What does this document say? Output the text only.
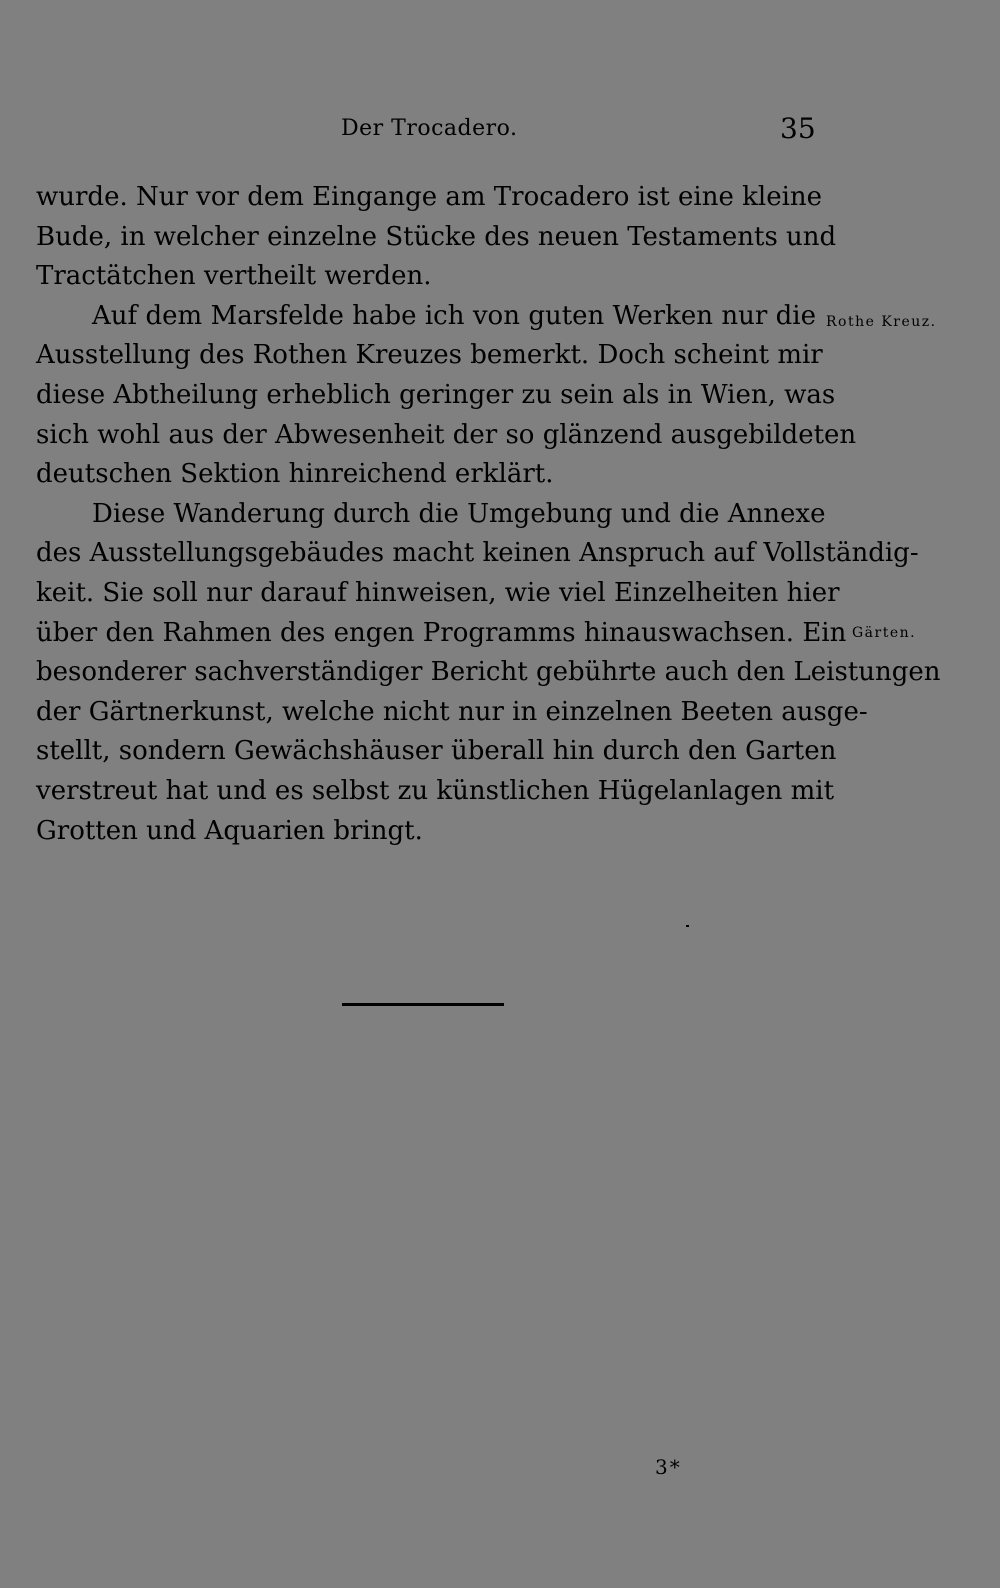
Der Trocadero.	35
wurde. Nur vor dem Eingange am Trocadero ist eine kleine
Bude, in welcher einzelne Stücke des neuen Testaments und
Tractätchen vertheilt werden.
Auf dem Marsfelde habe ich von guten Werken nur die
Ausstellung des Rothen Kreuzes bemerkt. Doch scheint mir
diese Abtheilung erheblich geringer zu sein als in Wien, was
sich wohl aus der Abwesenheit der so glänzend ausgebildeten
deutschen Sektion hinreichend erklärt.
Diese Wanderung durch die Umgebung und die Annexe
des Ausstellungsgebäudes macht keinen Anspruch auf Vollständig-
keit. Sie soll nur darauf hinweisen, wie viel Einzelheiten hier
über den Rahmen des engen Programms hinauswachsen. Ein
besonderer sachverständiger Bericht gebührte auch den Leistungen
der Gärtnerkunst, welche nicht nur in einzelnen Beeten ausge-
stellt, sondern Gewächshäuser überall hin durch den Garten
verstreut hat und es selbst zu künstlichen Hügelanlagen mit
Grotten und Aquarien bringt.
Rothe Kreuz.
Gärten.
3*
